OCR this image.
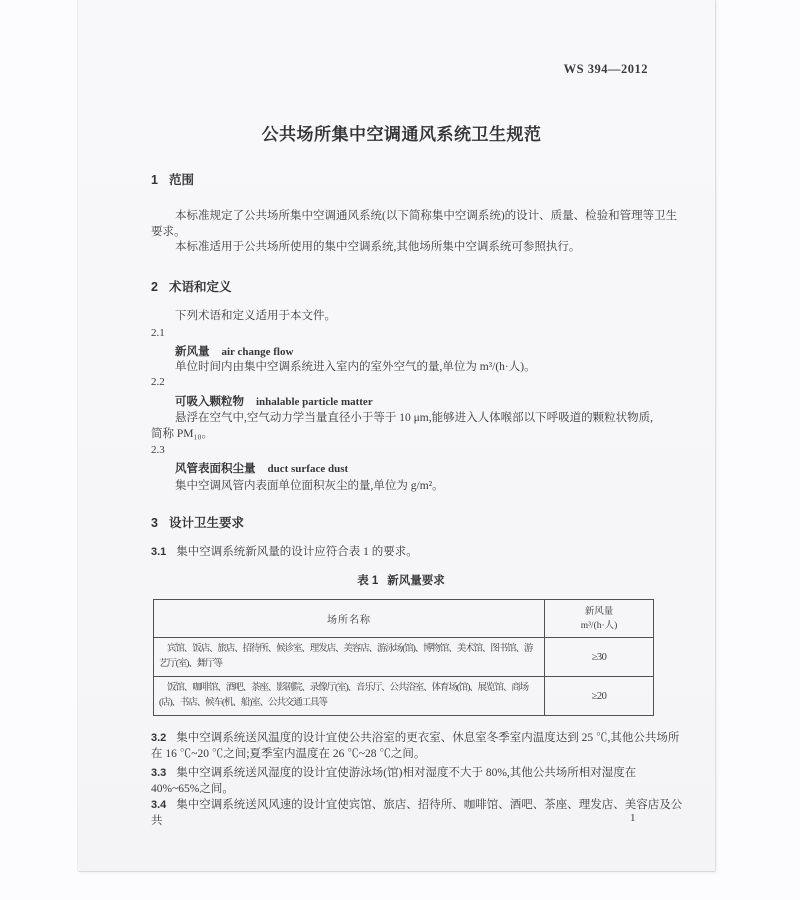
WS 394—2012
公共场所集中空调通风系统卫生规范
1 范围

本标准规定了公共场所集中空调通风系统(以下简称集中空调系统)的设计、质量、检验和管理等卫生要求。

本标准适用于公共场所使用的集中空调系统,其他场所集中空调系统可参照执行。

2 术语和定义

下列术语和定义适用于本文件。

2.1
新风量 air change flow

单位时间内由集中空调系统进入室内的室外空气的量,单位为 m³/(h·人)。

2.2
可吸入颗粒物 inhalable particle matter

悬浮在空气中,空气动力学当量直径小于等于 10 μm,能够进入人体喉部以下呼吸道的颗粒状物质,简称 PM₁₀。

2.3
风管表面积尘量 duct surface dust

集中空调风管内表面单位面积灰尘的量,单位为 g/m²。

3 设计卫生要求

3.1 集中空调系统新风量的设计应符合表 1 的要求。

表 1 新风量要求
场所名称	新风量
m³/(h·人)

宾馆、饭店、旅店、招待所、候诊室、理发店、美容店、游泳场(馆)、博物馆、美术馆、图书馆、游艺厅(室)、舞厅等	≥30
饭馆、咖啡馆、酒吧、茶座、影剧院、录像厅(室)、音乐厅、公共浴室、体育场(馆)、展览馆、商场(店)、书店、候车(机、船)室、公共交通工具等	≥20

3.2 集中空调系统送风温度的设计宜使公共浴室的更衣室、休息室冬季室内温度达到 25 ℃,其他公共场所在 16 ℃~20 ℃之间;夏季室内温度在 26 ℃~28 ℃之间。

3.3 集中空调系统送风湿度的设计宜使游泳场(馆)相对湿度不大于 80%,其他公共场所相对湿度在 40%~65%之间。

3.4 集中空调系统送风风速的设计宜使宾馆、旅店、招待所、咖啡馆、酒吧、茶座、理发店、美容店及公共	1
